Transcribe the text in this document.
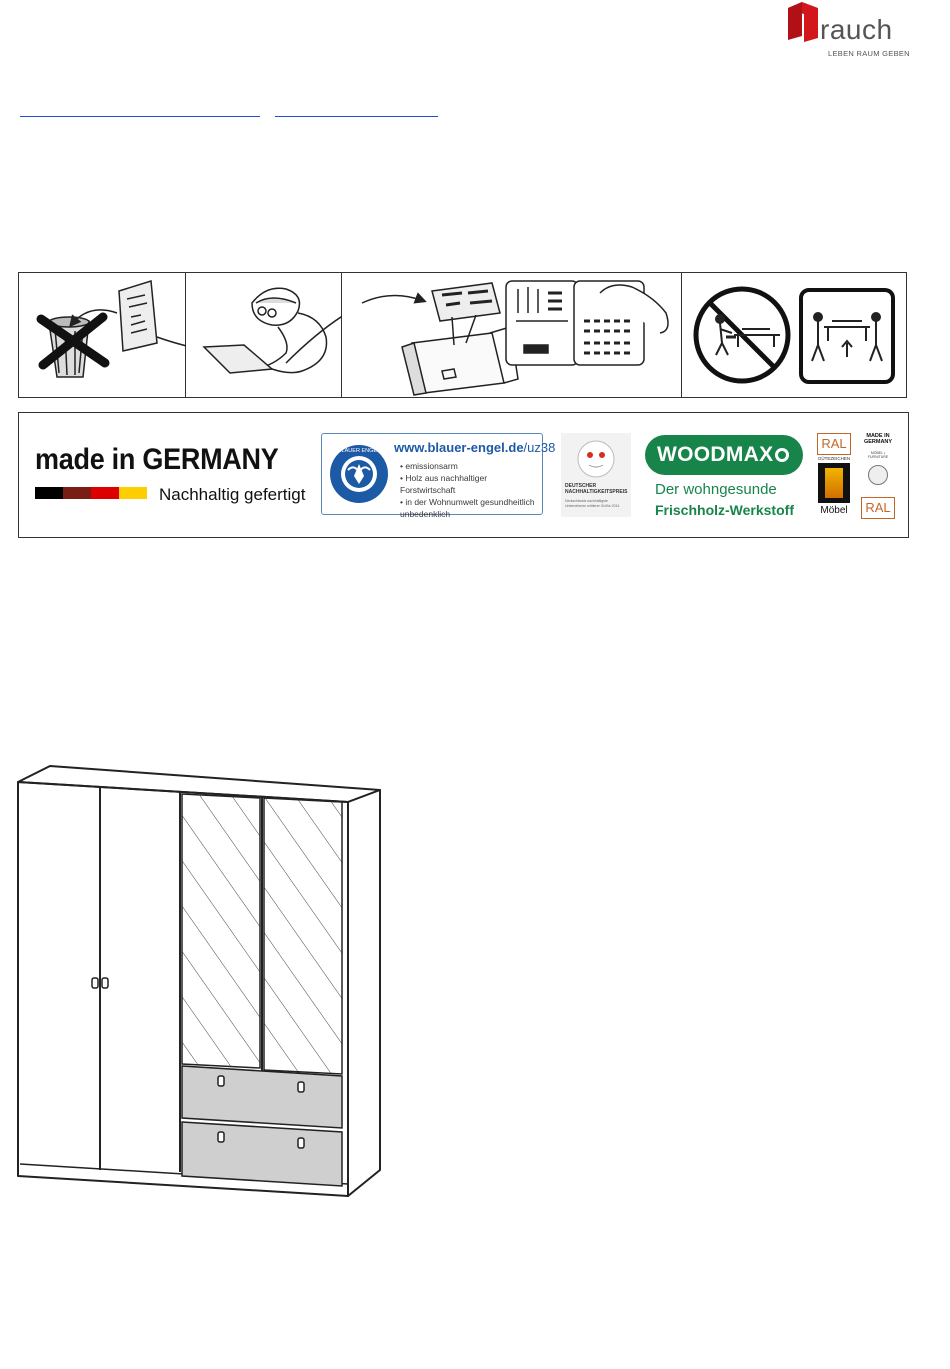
rauch
LEBEN RAUM GEBEN
made in GERMANY
Nachhaltig gefertigt
BLAUER ENGEL www.blauer-engel.de/uz38
• emissionsarm
• Holz aus nachhaltiger Forstwirtschaft
• in der Wohnumwelt gesundheitlich unbedenklich
DEUTSCHER NACHHALTIGKEITSPREIS
Deutschlands nachhaltigste Unternehmen mittlerer Größe 2014
WOODMAX
Der wohngesunde
Frischholz-Werkstoff
RAL
GÜTEZEICHEN
Möbel
MADE IN GERMANY
MÖBEL • FURNITURE
RAL
